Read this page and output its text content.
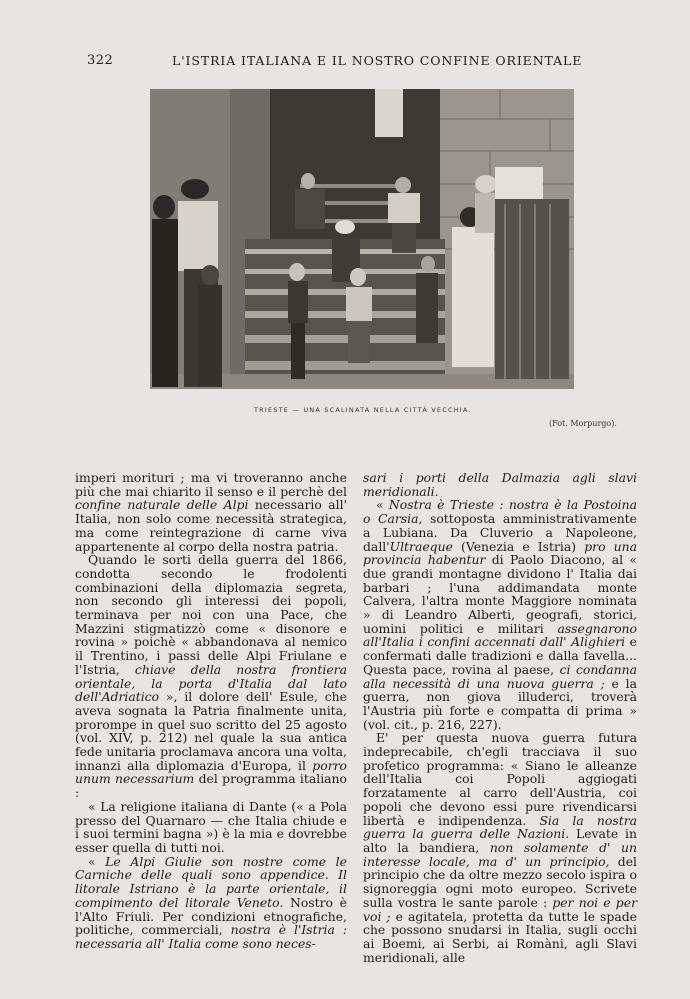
322	L'ISTRIA ITALIANA E IL NOSTRO CONFINE ORIENTALE
TRIESTE — UNA SCALINATA NELLA CITTÀ VECCHIA.
(Fot. Morpurgo).

imperi moriturі ; ma vi troveranno anche più che mai chiarito il senso e il perchè del confine naturale delle Alpi necessario all' Italia, non solo come necessità strategica, ma come reintegrazione di carne viva appartenente al corpo della nostra patria.

Quando le sorti della guerra del 1866, condotta secondo le frodolenti combinazioni della diplomazia segreta, non secondo gli interessi dei popoli, terminava per noi con una Pace, che Mazzini stigmatizzò come « disonore e rovina » poichè « abbandonava al nemico il Trentino, i passi delle Alpi Friulane e l'Istria, chiave della nostra frontiera orientale, la porta d'Italia dal lato dell'Adriatico », il dolore dell' Esule, che aveva sognata la Patria finalmente unita, prorompe in quel suo scritto del 25 agosto (vol. XIV, p. 212) nel quale la sua antica fede unitaria proclamava ancora una volta, innanzi alla diplomazia d'Europa, il porro unum necessarium del programma italiano :

« La religione italiana di Dante (« a Pola presso del Quarnaro — che Italia chiude e i suoi termini bagna ») è la mia e dovrebbe esser quella di tutti noi.

« Le Alpi Giulie son nostre come le Carniche delle quali sono appendice. Il litorale Istriano è la parte orientale, il compimento del litorale Veneto. Nostro è l'Alto Friuli. Per condizioni etnografiche, politiche, commerciali, nostra è l'Istria : necessaria all' Italia come sono neces-

sari i porti della Dalmazia agli slavi meridionali.

« Nostra è Trieste : nostra è la Postoina o Carsia, sottoposta amministrativamente a Lubiana. Da Cluverio a Napoleone, dall'Ultraeque (Venezia e Istria) pro una provincia habentur di Paolo Diacono, al « due grandi montagne dividono l' Italia dai barbari ; l'una addimandata monte Calvera, l'altra monte Maggiore nominata » di Leandro Alberti, geografi, storici, uomini politici e militari assegnarono all'Italia i confini accennati dall' Alighieri e confermati dalle tradizioni e dalla favella... Questa pace, rovina al paese, ci condanna alla necessità di una nuova guerra ; e la guerra, non giova illuderci, troverà l'Austria più forte e compatta di prima » (vol. cit., p. 216, 227).

E' per questa nuova guerra futura indeprecabile, ch'egli tracciava il suo profetico programma: « Siano le alleanze dell'Italia coi Popoli aggiogati forzatamente al carro dell'Austria, coi popoli che devono essi pure rivendicarsi libertà e indipendenza. Sia la nostra guerra la guerra delle Nazioni. Levate in alto la bandiera, non solamente d' un interesse locale, ma d' un principio, del principio che da oltre mezzo secolo ispira o signoreggia ogni moto europeo. Scrivete sulla vostra le sante parole : per noi e per voi ; e agitatela, protetta da tutte le spade che possono snudarsi in Italia, sugli occhi ai Boemi, ai Serbi, ai Romàni, agli Slavi meridionali, alle
